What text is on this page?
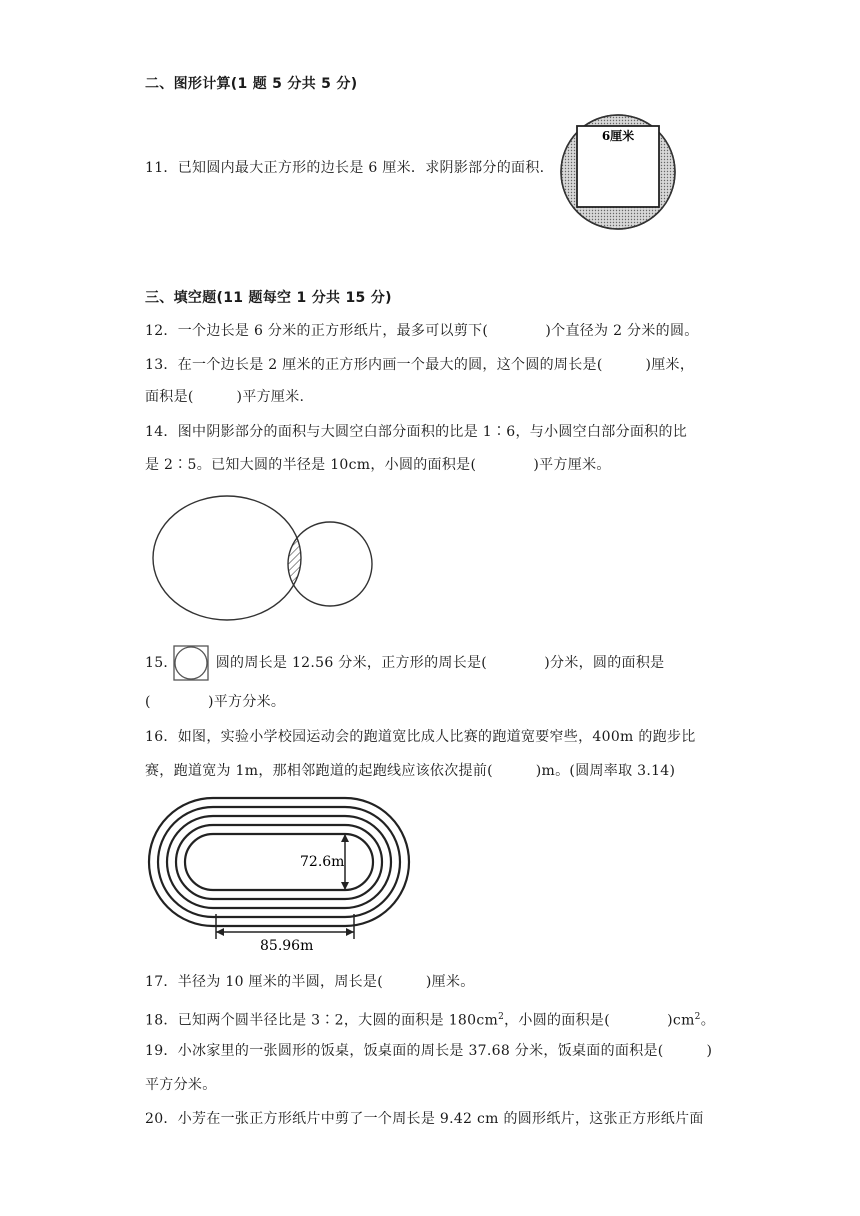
二、图形计算(1 题 5 分共 5 分)
11．已知圆内最大正方形的边长是 6 厘米．求阴影部分的面积.
6厘米
三、填空题(11 题每空 1 分共 15 分)
12．一个边长是 6 分米的正方形纸片，最多可以剪下(　　　　)个直径为 2 分米的圆。
13．在一个边长是 2 厘米的正方形内画一个最大的圆，这个圆的周长是(　　　)厘米，
面积是(　　　)平方厘米.
14．图中阴影部分的面积与大圆空白部分面积的比是 1∶6，与小圆空白部分面积的比
是 2∶5。已知大圆的半径是 10cm，小圆的面积是(　　　　)平方厘米。
15．	圆的周长是 12.56 分米，正方形的周长是(　　　　)分米，圆的面积是
(　　　　)平方分米。
16．如图，实验小学校园运动会的跑道宽比成人比赛的跑道宽要窄些，400m 的跑步比
赛，跑道宽为 1m，那相邻跑道的起跑线应该依次提前(　　　)m。(圆周率取 3.14)
72.6m
85.96m
17．半径为 10 厘米的半圆，周长是(　　　)厘米。
18．已知两个圆半径比是 3∶2，大圆的面积是 $180cm^2$，小圆的面积是(　　　　)$cm^2$。
19．小冰家里的一张圆形的饭桌，饭桌面的周长是 37.68 分米，饭桌面的面积是(　　　)
平方分米。
20．小芳在一张正方形纸片中剪了一个周长是 9.42 cm 的圆形纸片，这张正方形纸片面
